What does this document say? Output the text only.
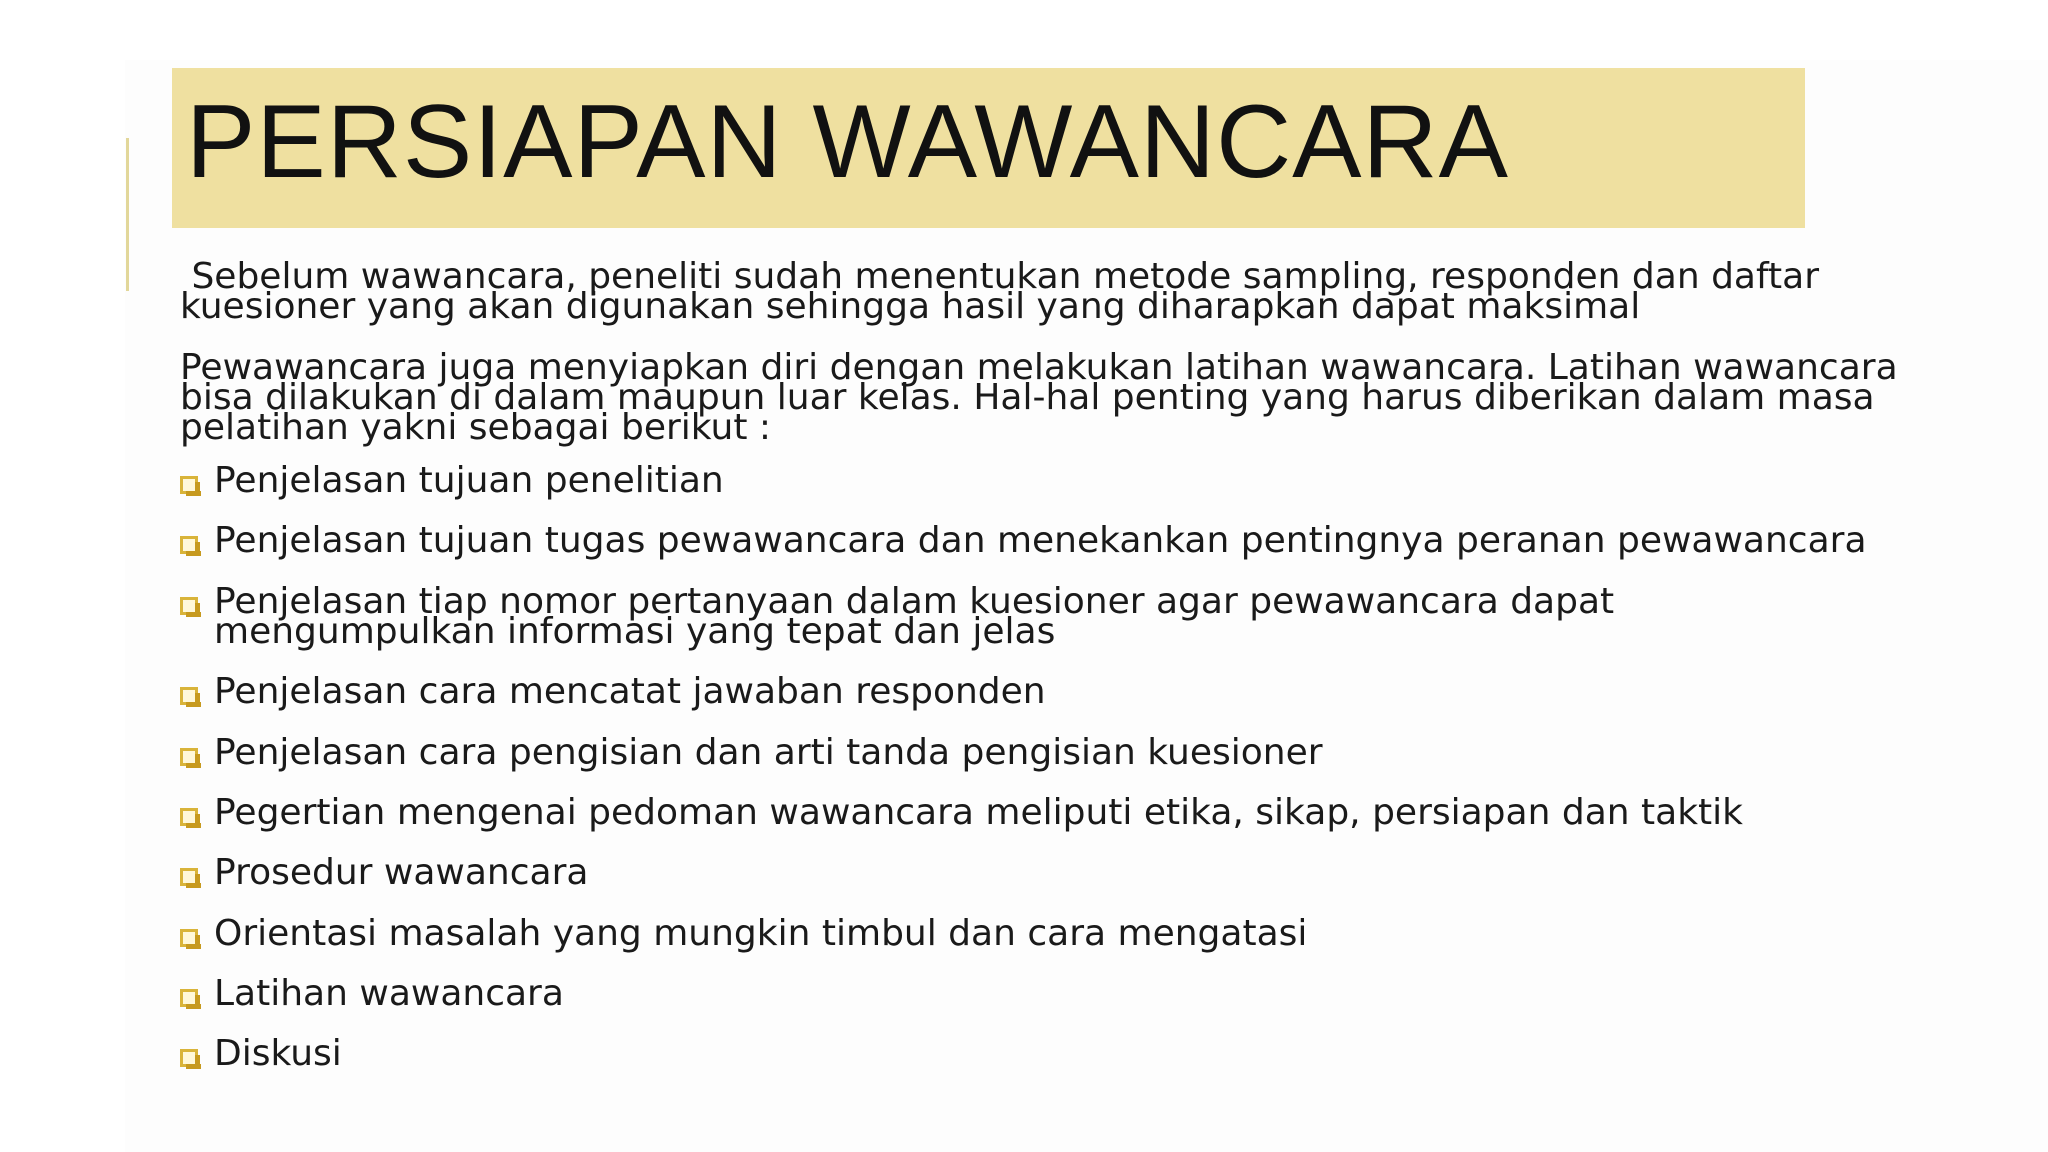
PERSIAPAN WAWANCARA

Sebelum wawancara, peneliti sudah menentukan metode sampling, responden dan daftar
kuesioner yang akan digunakan sehingga hasil yang diharapkan dapat maksimal

Pewawancara juga menyiapkan diri dengan melakukan latihan wawancara. Latihan wawancara
bisa dilakukan di dalam maupun luar kelas. Hal-hal penting yang harus diberikan dalam masa
pelatihan yakni sebagai berikut :

Penjelasan tujuan penelitian
Penjelasan tujuan tugas pewawancara dan menekankan pentingnya peranan pewawancara
Penjelasan tiap nomor pertanyaan dalam kuesioner agar pewawancara dapat
mengumpulkan informasi yang tepat dan jelas
Penjelasan cara mencatat jawaban responden
Penjelasan cara pengisian dan arti tanda pengisian kuesioner
Pegertian mengenai pedoman wawancara meliputi etika, sikap, persiapan dan taktik
Prosedur wawancara
Orientasi masalah yang mungkin timbul dan cara mengatasi
Latihan wawancara
Diskusi
